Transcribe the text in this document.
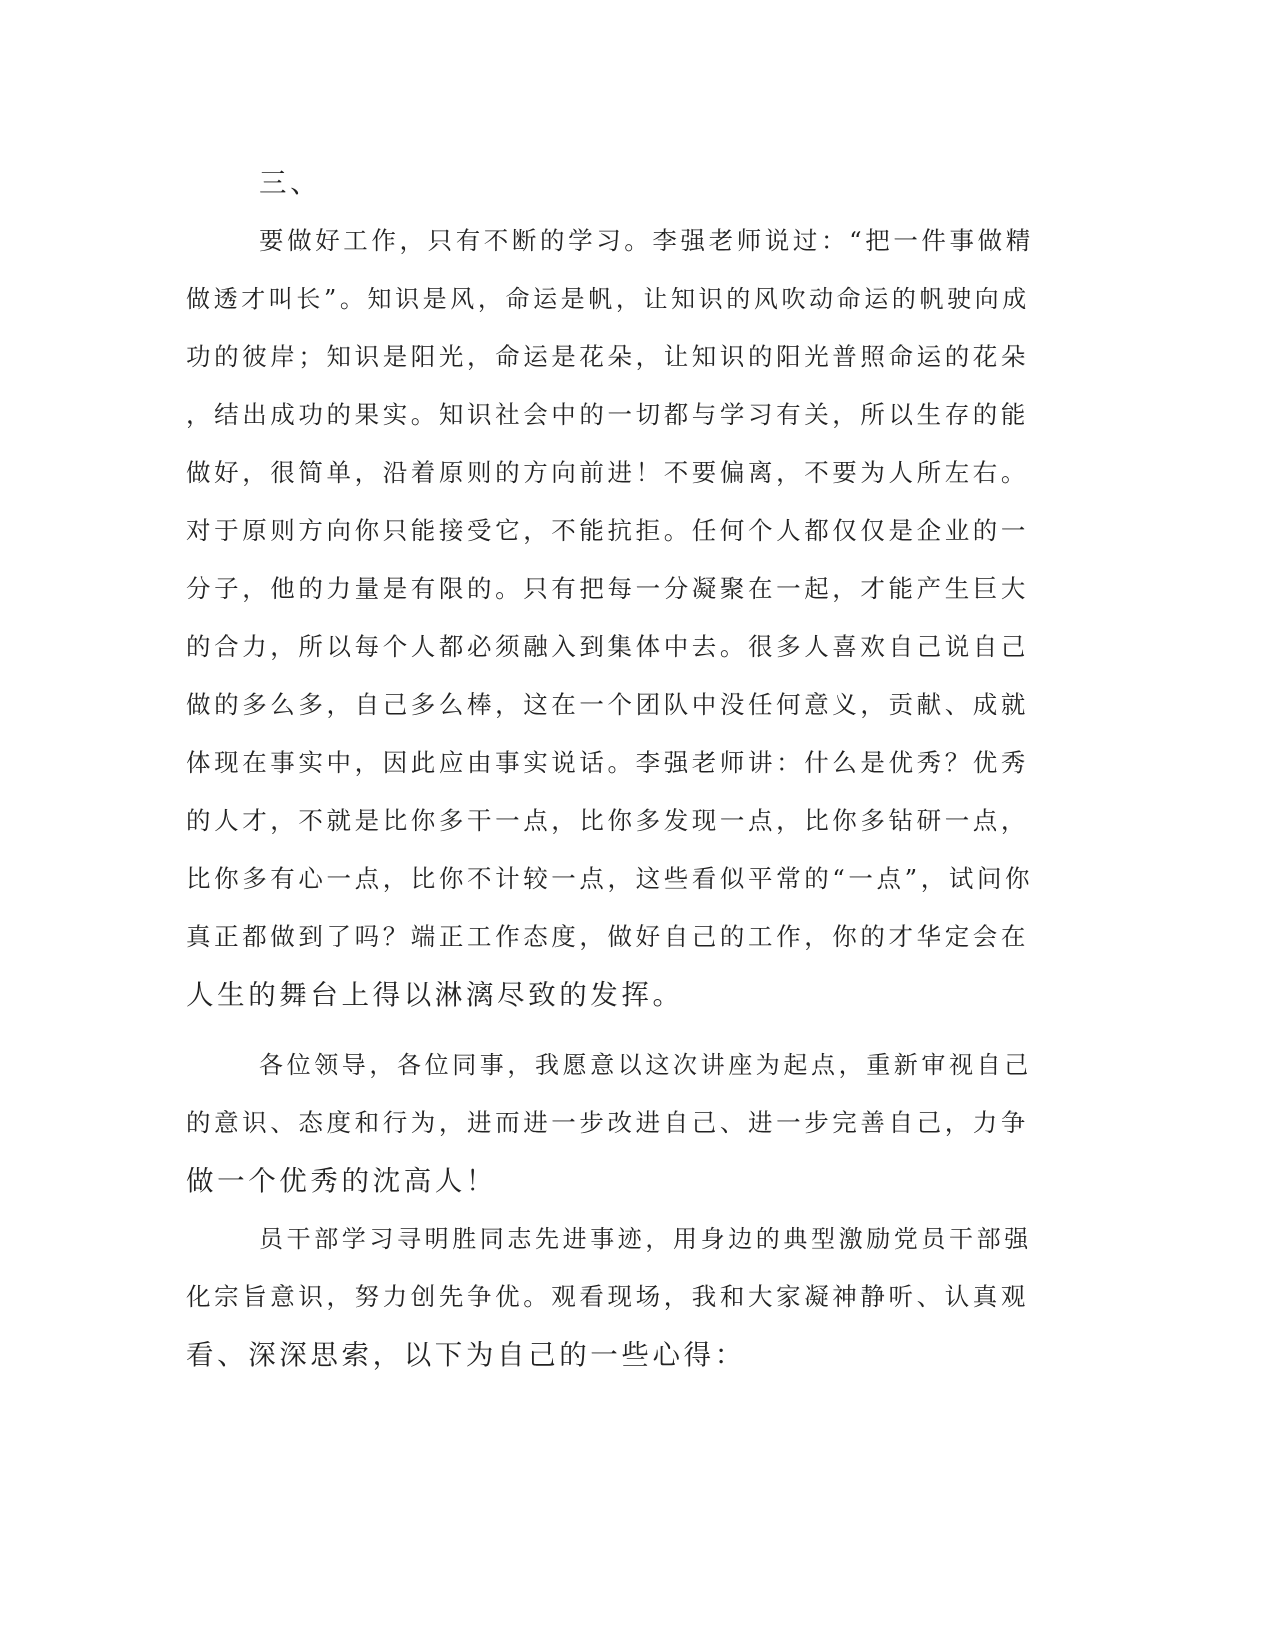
三、

要做好工作，只有不断的学习。李强老师说过：“把一件事做精

做透才叫长”。知识是风，命运是帆，让知识的风吹动命运的帆驶向成

功的彼岸；知识是阳光，命运是花朵，让知识的阳光普照命运的花朵

，结出成功的果实。知识社会中的一切都与学习有关，所以生存的能

做好，很简单，沿着原则的方向前进！不要偏离，不要为人所左右。

对于原则方向你只能接受它，不能抗拒。任何个人都仅仅是企业的一

分子，他的力量是有限的。只有把每一分凝聚在一起，才能产生巨大

的合力，所以每个人都必须融入到集体中去。很多人喜欢自己说自己

做的多么多，自己多么棒，这在一个团队中没任何意义，贡献、成就

体现在事实中，因此应由事实说话。李强老师讲：什么是优秀？优秀

的人才，不就是比你多干一点，比你多发现一点，比你多钻研一点，

比你多有心一点，比你不计较一点，这些看似平常的“一点”，试问你

真正都做到了吗？端正工作态度，做好自己的工作，你的才华定会在

人生的舞台上得以淋漓尽致的发挥。

各位领导，各位同事，我愿意以这次讲座为起点，重新审视自己

的意识、态度和行为，进而进一步改进自己、进一步完善自己，力争

做一个优秀的沈高人！

员干部学习寻明胜同志先进事迹，用身边的典型激励党员干部强

化宗旨意识，努力创先争优。观看现场，我和大家凝神静听、认真观

看、深深思索，以下为自己的一些心得：
